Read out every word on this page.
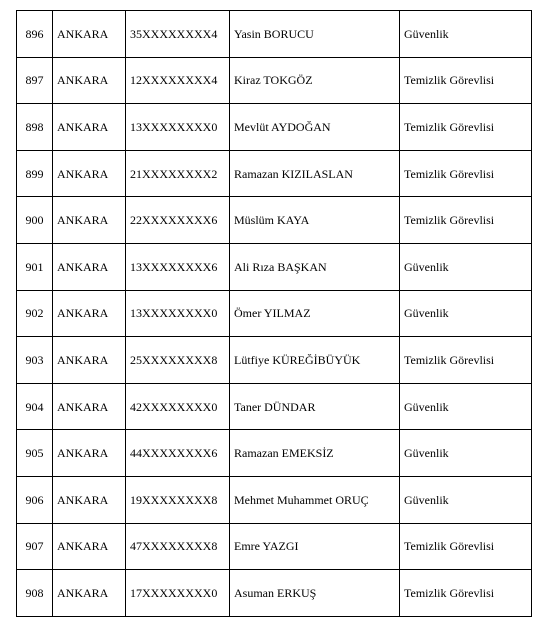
896	ANKARA	35XXXXXXXX4	Yasin BORUCU	Güvenlik
897	ANKARA	12XXXXXXXX4	Kiraz TOKGÖZ	Temizlik Görevlisi
898	ANKARA	13XXXXXXXX0	Mevlüt AYDOĞAN	Temizlik Görevlisi
899	ANKARA	21XXXXXXXX2	Ramazan KIZILASLAN	Temizlik Görevlisi
900	ANKARA	22XXXXXXXX6	Müslüm KAYA	Temizlik Görevlisi
901	ANKARA	13XXXXXXXX6	Ali Rıza BAŞKAN	Güvenlik
902	ANKARA	13XXXXXXXX0	Ömer YILMAZ	Güvenlik
903	ANKARA	25XXXXXXXX8	Lütfiye KÜREĞİBÜYÜK	Temizlik Görevlisi
904	ANKARA	42XXXXXXXX0	Taner DÜNDAR	Güvenlik
905	ANKARA	44XXXXXXXX6	Ramazan EMEKSİZ	Güvenlik
906	ANKARA	19XXXXXXXX8	Mehmet Muhammet ORUÇ	Güvenlik
907	ANKARA	47XXXXXXXX8	Emre YAZGI	Temizlik Görevlisi
908	ANKARA	17XXXXXXXX0	Asuman ERKUŞ	Temizlik Görevlisi
